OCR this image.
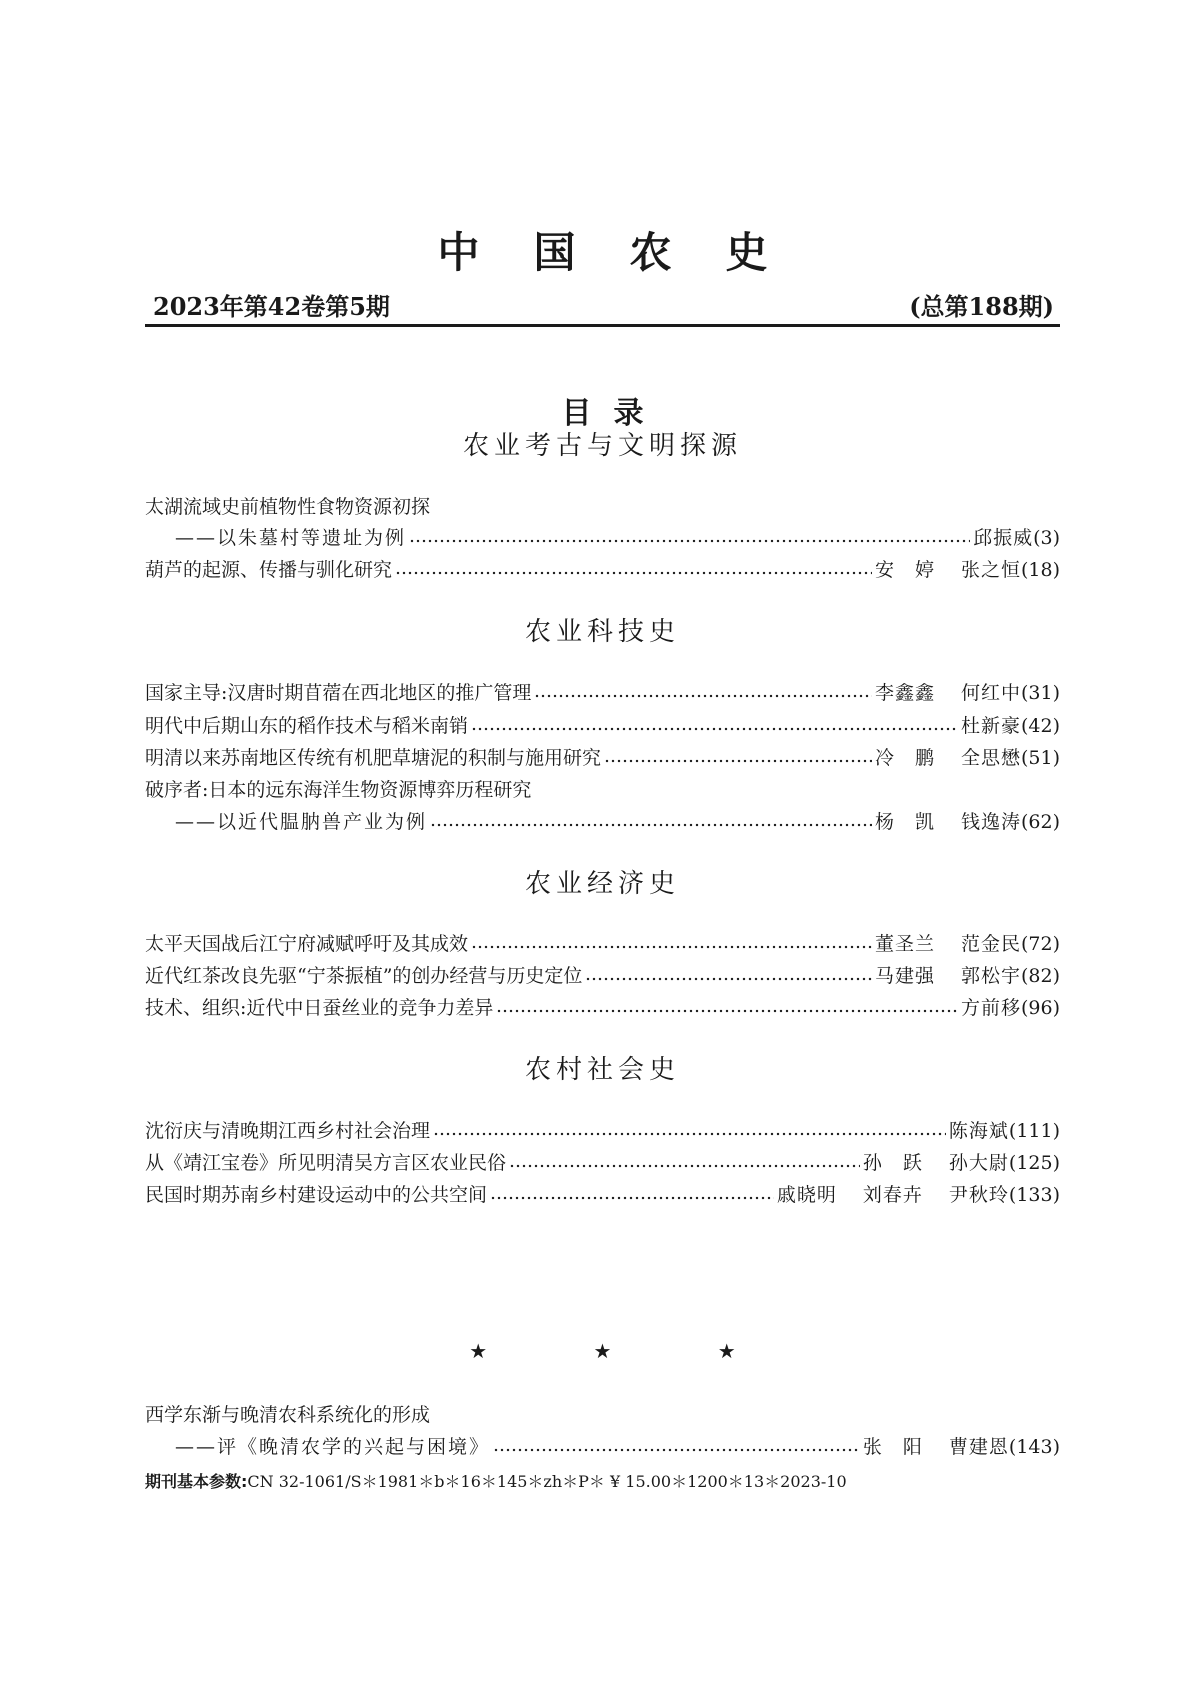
中国农史
2023年第42卷第5期	(总第188期)
目录
农业考古与文明探源
太湖流域史前植物性食物资源初探
——以朱墓村等遗址为例	邱振威 (3)
葫芦的起源、传播与驯化研究	安　婷 张之恒 (18)
农业科技史
国家主导:汉唐时期苜蓿在西北地区的推广管理	李鑫鑫 何红中 (31)
明代中后期山东的稻作技术与稻米南销	杜新豪 (42)
明清以来苏南地区传统有机肥草塘泥的积制与施用研究	冷　鹏 全思懋 (51)
破序者:日本的远东海洋生物资源博弈历程研究
——以近代腽肭兽产业为例	杨　凯 钱逸涛 (62)
农业经济史
太平天国战后江宁府减赋呼吁及其成效	董圣兰 范金民 (72)
近代红茶改良先驱“宁茶振植”的创办经营与历史定位	马建强 郭松宇 (82)
技术、组织:近代中日蚕丝业的竞争力差异	方前移 (96)
农村社会史
沈衍庆与清晚期江西乡村社会治理	陈海斌 (111)
从《靖江宝卷》所见明清吴方言区农业民俗	孙　跃 孙大尉 (125)
民国时期苏南乡村建设运动中的公共空间	戚晓明 刘春卉 尹秋玲 (133)
★ ★ ★
西学东渐与晚清农科系统化的形成
——评《晚清农学的兴起与困境》	张　阳 曹建恩 (143)
期刊基本参数:CN 32-1061/S＊1981＊b＊16＊145＊zh＊P＊ ¥ 15.00＊1200＊13＊2023-10
